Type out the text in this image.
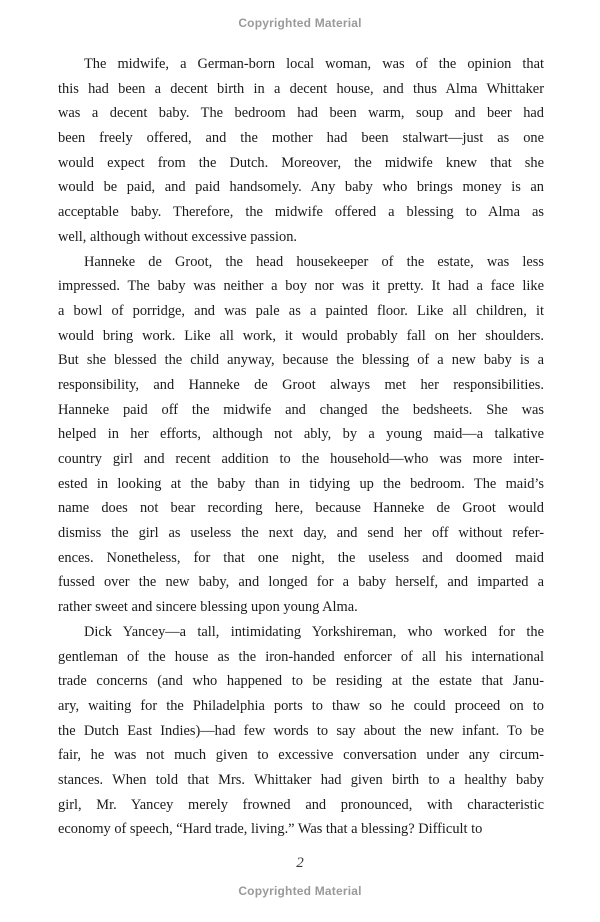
Copyrighted Material
The midwife, a German-born local woman, was of the opinion that
this had been a decent birth in a decent house, and thus Alma Whittaker
was a decent baby. The bedroom had been warm, soup and beer had
been freely offered, and the mother had been stalwart—just as one
would expect from the Dutch. Moreover, the midwife knew that she
would be paid, and paid handsomely. Any baby who brings money is an
acceptable baby. Therefore, the midwife offered a blessing to Alma as
well, although without excessive passion.
Hanneke de Groot, the head housekeeper of the estate, was less
impressed. The baby was neither a boy nor was it pretty. It had a face like
a bowl of porridge, and was pale as a painted floor. Like all children, it
would bring work. Like all work, it would probably fall on her shoulders.
But she blessed the child anyway, because the blessing of a new baby is a
responsibility, and Hanneke de Groot always met her responsibilities.
Hanneke paid off the midwife and changed the bedsheets. She was
helped in her efforts, although not ably, by a young maid—a talkative
country girl and recent addition to the household—who was more inter-
ested in looking at the baby than in tidying up the bedroom. The maid’s
name does not bear recording here, because Hanneke de Groot would
dismiss the girl as useless the next day, and send her off without refer-
ences. Nonetheless, for that one night, the useless and doomed maid
fussed over the new baby, and longed for a baby herself, and imparted a
rather sweet and sincere blessing upon young Alma.
Dick Yancey—a tall, intimidating Yorkshireman, who worked for the
gentleman of the house as the iron-handed enforcer of all his international
trade concerns (and who happened to be residing at the estate that Janu-
ary, waiting for the Philadelphia ports to thaw so he could proceed on to
the Dutch East Indies)—had few words to say about the new infant. To be
fair, he was not much given to excessive conversation under any circum-
stances. When told that Mrs. Whittaker had given birth to a healthy baby
girl, Mr. Yancey merely frowned and pronounced, with characteristic
economy of speech, “Hard trade, living.” Was that a blessing? Difficult to
2
Copyrighted Material
